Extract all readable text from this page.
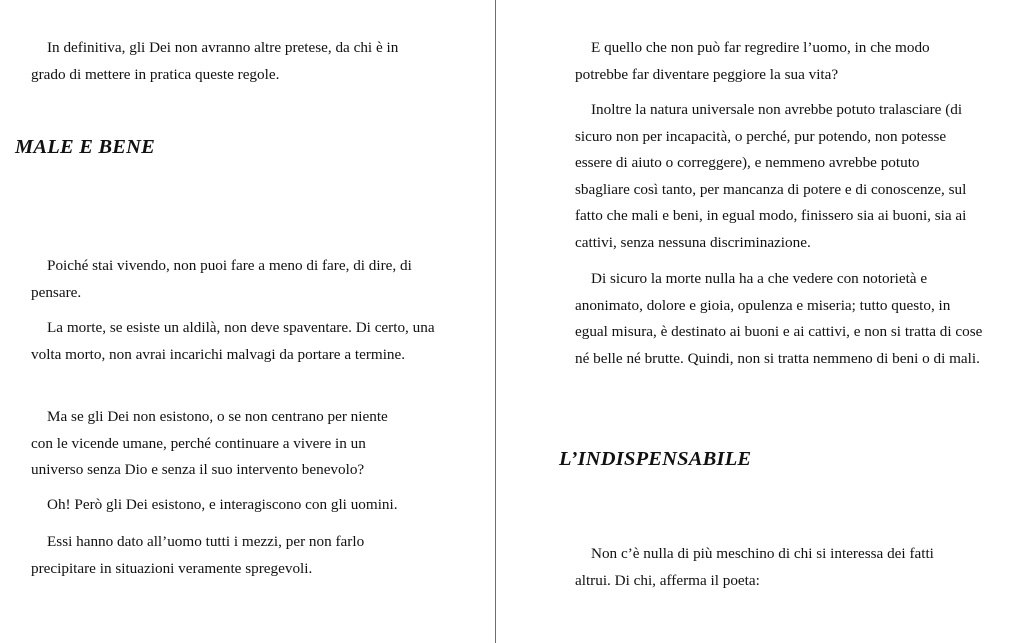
In definitiva, gli Dei non avranno altre pretese, da chi è in grado di mettere in pratica queste regole.

MALE E BENE

Poiché stai vivendo, non puoi fare a meno di fare, di dire, di pensare.

La morte, se esiste un aldilà, non deve spaventare. Di certo, una volta morto, non avrai incarichi malvagi da portare a termine.

Ma se gli Dei non esistono, o se non centrano per niente con le vicende umane, perché continuare a vivere in un universo senza Dio e senza il suo intervento benevolo?

Oh! Però gli Dei esistono, e interagiscono con gli uomini.

Essi hanno dato all’uomo tutti i mezzi, per non farlo precipitare in situazioni veramente spregevoli.

E quello che non può far regredire l’uomo, in che modo potrebbe far diventare peggiore la sua vita?

Inoltre la natura universale non avrebbe potuto tralasciare (di sicuro non per incapacità, o perché, pur potendo, non potesse essere di aiuto o correggere), e nemmeno avrebbe potuto sbagliare così tanto, per mancanza di potere e di conoscenze, sul fatto che mali e beni, in egual modo, finissero sia ai buoni, sia ai cattivi, senza nessuna discriminazione.

Di sicuro la morte nulla ha a che vedere con notorietà e anonimato, dolore e gioia, opulenza e miseria; tutto questo, in egual misura, è destinato ai buoni e ai cattivi, e non si tratta di cose né belle né brutte. Quindi, non si tratta nemmeno di beni o di mali.

L’INDISPENSABILE

Non c’è nulla di più meschino di chi si interessa dei fatti altrui. Di chi, afferma il poeta:
